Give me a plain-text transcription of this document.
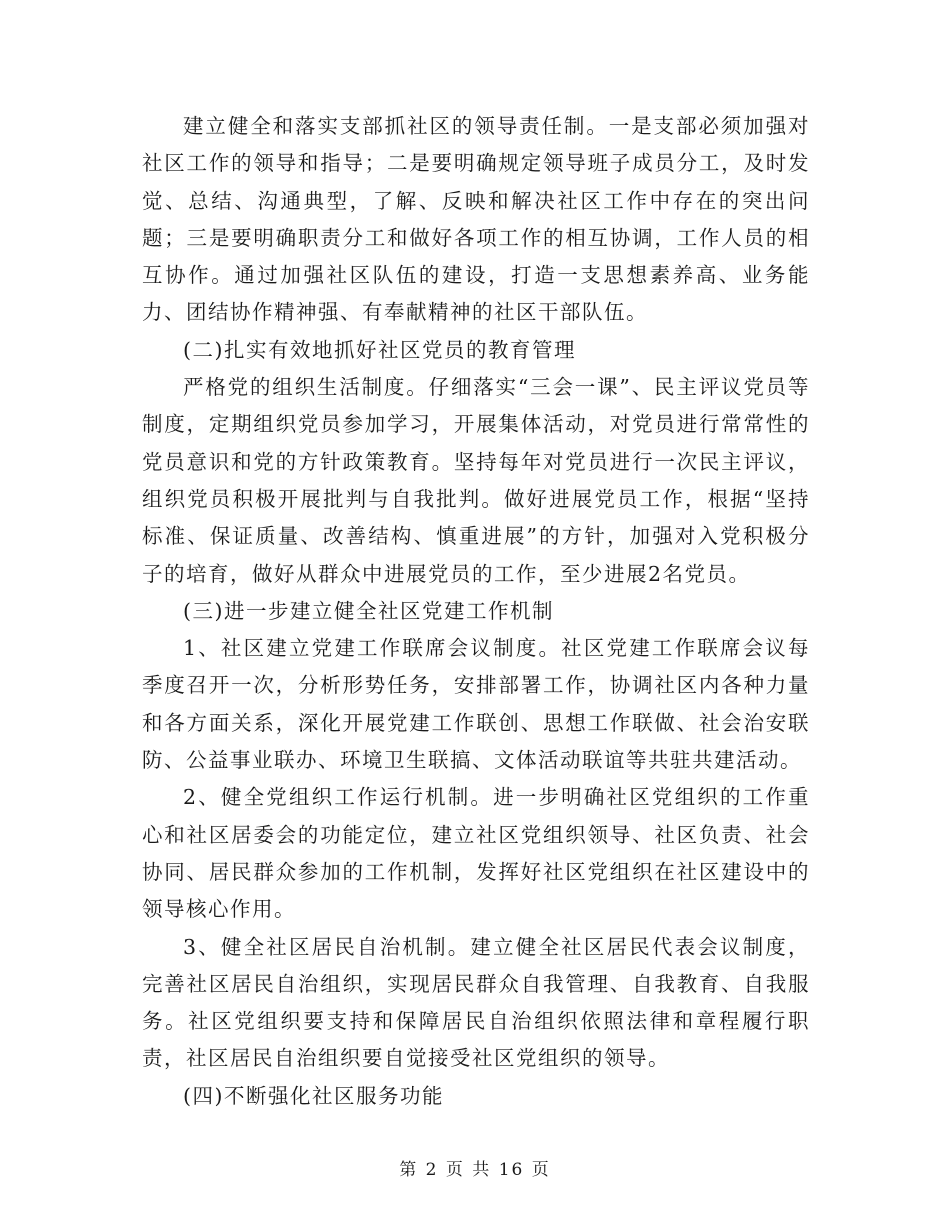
建立健全和落实支部抓社区的领导责任制。一是支部必须加强对社区工作的领导和指导；二是要明确规定领导班子成员分工，及时发觉、总结、沟通典型，了解、反映和解决社区工作中存在的突出问题；三是要明确职责分工和做好各项工作的相互协调，工作人员的相互协作。通过加强社区队伍的建设，打造一支思想素养高、业务能力、团结协作精神强、有奉献精神的社区干部队伍。

(二)扎实有效地抓好社区党员的教育管理

严格党的组织生活制度。仔细落实“三会一课”、民主评议党员等制度，定期组织党员参加学习，开展集体活动，对党员进行常常性的党员意识和党的方针政策教育。坚持每年对党员进行一次民主评议，组织党员积极开展批判与自我批判。做好进展党员工作，根据“坚持标准、保证质量、改善结构、慎重进展”的方针，加强对入党积极分子的培育，做好从群众中进展党员的工作，至少进展2名党员。

(三)进一步建立健全社区党建工作机制

1、社区建立党建工作联席会议制度。社区党建工作联席会议每季度召开一次，分析形势任务，安排部署工作，协调社区内各种力量和各方面关系，深化开展党建工作联创、思想工作联做、社会治安联防、公益事业联办、环境卫生联搞、文体活动联谊等共驻共建活动。

2、健全党组织工作运行机制。进一步明确社区党组织的工作重心和社区居委会的功能定位，建立社区党组织领导、社区负责、社会协同、居民群众参加的工作机制，发挥好社区党组织在社区建设中的领导核心作用。

3、健全社区居民自治机制。建立健全社区居民代表会议制度，完善社区居民自治组织，实现居民群众自我管理、自我教育、自我服务。社区党组织要支持和保障居民自治组织依照法律和章程履行职责，社区居民自治组织要自觉接受社区党组织的领导。

(四)不断强化社区服务功能

第 2 页 共 16 页
